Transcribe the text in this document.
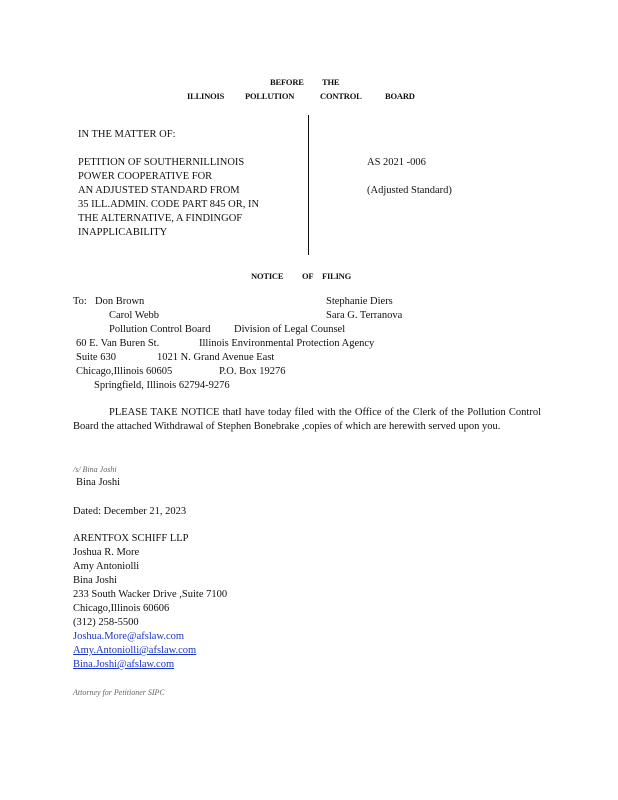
BEFORE THE
ILLINOIS POLLUTION	CONTROL	BOARD
IN THE MATTER OF:
PETITION OF SOUTHERNILLINOIS
POWER COOPERATIVE FOR
AN ADJUSTED STANDARD FROM
35 ILL.ADMIN. CODE PART 845 OR, IN
THE ALTERNATIVE, A FINDINGOF
INAPPLICABILITY
AS 2021 -006
(Adjusted Standard)
NOTICE OF FILING
To: Don Brown
Carol Webb
Pollution Control Board
Stephanie Diers
Sara G. Terranova
Division of Legal Counsel
60 E. Van Buren St.
Suite 630
Chicago,Illinois 60605
Illinois Environmental Protection Agency
1021 N. Grand Avenue East
P.O. Box 19276
Springfield, Illinois 62794-9276
PLEASE TAKE NOTICE thatI have today filed with the Office of the Clerk of the Pollution Control Board the attached Withdrawal of Stephen Bonebrake ,copies of which are herewith served upon you.
/s/ Bina Joshi
Bina Joshi
Dated: December 21, 2023
ARENTFOX SCHIFF LLP
Joshua R. More
Amy Antoniolli
Bina Joshi
233 South Wacker Drive ,Suite 7100
Chicago,Illinois 60606
(312) 258-5500
Joshua.More@afslaw.com
Amy.Antoniolli@afslaw.com
Bina.Joshi@afslaw.com
Attorney for Petitioner SIPC
